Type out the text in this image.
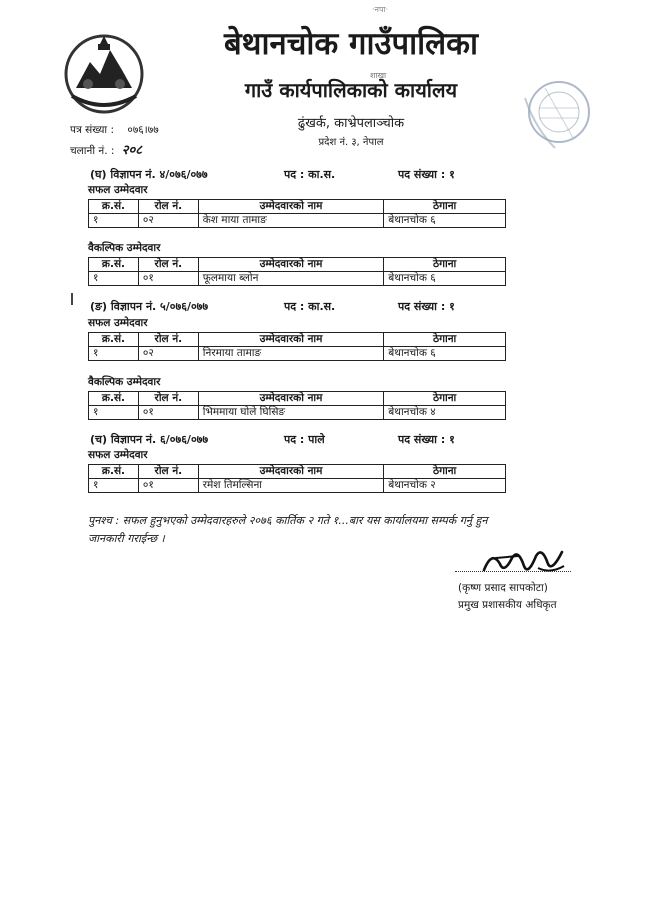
·नपा·
शाखा
बेथानचोक गाउँपालिका
गाउँ कार्यपालिकाको कार्यालय
ढुंखर्क, काभ्रेपलाञ्चोक
प्रदेश नं. ३, नेपाल
पत्र संख्या : ०७६।७७
चलानी नं. : २०८
(घ) विज्ञापन नं. ४/०७६/०७७	पद : का.स.	पद संख्या : १
सफल उम्मेदवार
क्र.सं.	रोल नं.	उम्मेदवारको नाम	ठेगाना
१	०२	केश माया तामाङ	बेथानचोक ६
वैकल्पिक उम्मेदवार
क्र.सं.	रोल नं.	उम्मेदवारको नाम	ठेगाना
१	०१	फूलमाया ब्लोन	बेथानचोक ६
(ङ) विज्ञापन नं. ५/०७६/०७७	पद : का.स.	पद संख्या : १
सफल उम्मेदवार
क्र.सं.	रोल नं.	उम्मेदवारको नाम	ठेगाना
१	०२	निरमाया तामाङ	बेथानचोक ६
वैकल्पिक उम्मेदवार
क्र.सं.	रोल नं.	उम्मेदवारको नाम	ठेगाना
१	०१	भिममाया घोले घिसिङ	बेथानचोक ४
(च) विज्ञापन नं. ६/०७६/०७७	पद : पाले	पद संख्या : १
सफल उम्मेदवार
क्र.सं.	रोल नं.	उम्मेदवारको नाम	ठेगाना
१	०१	रमेश तिमल्सिना	बेथानचोक २
पुनश्च : सफल हुनुभएको उम्मेदवारहरुले २०७६ कार्तिक २ गते १...बार यस कार्यालयमा सम्पर्क गर्नु हुन
जानकारी गराईन्छ ।
(कृष्ण प्रसाद सापकोटा)
प्रमुख प्रशासकीय अधिकृत
